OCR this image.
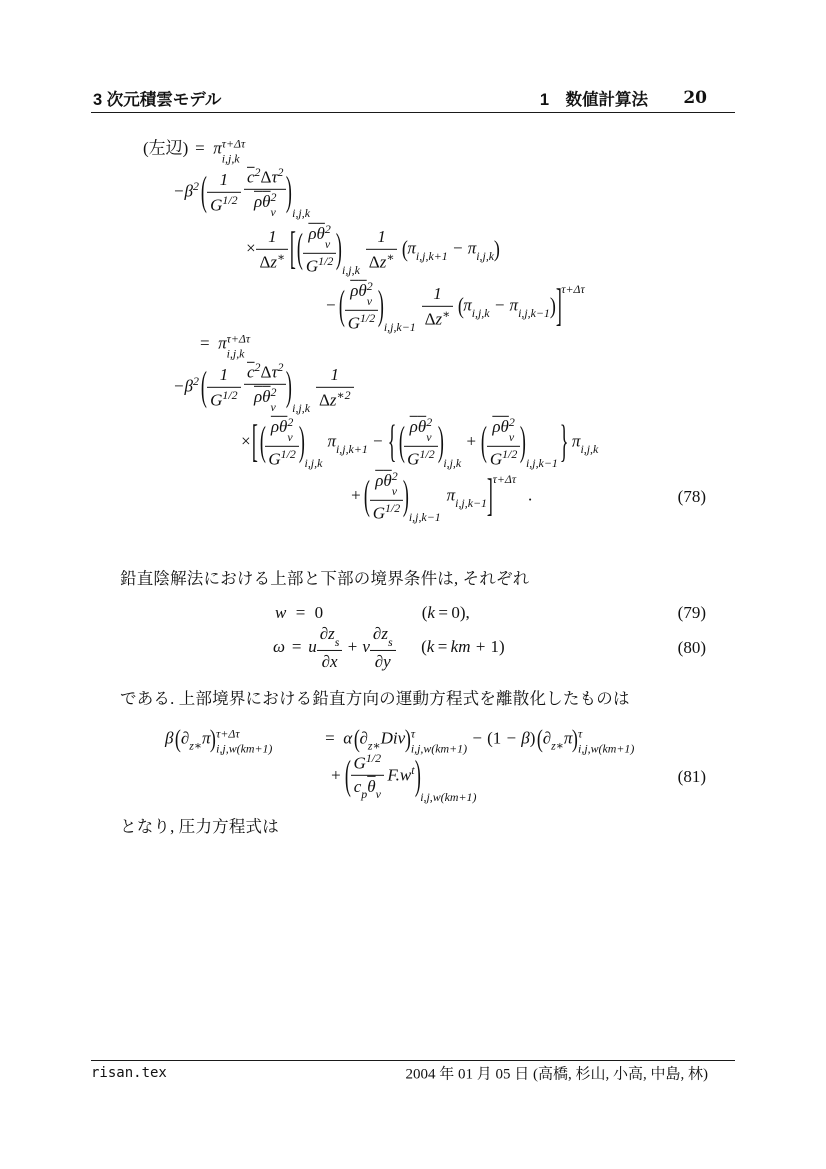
3 次元積雲モデル	1　数値計算法 20
鉛直陰解法における上部と下部の境界条件は, それぞれ
である. 上部境界における鉛直方向の運動方程式を離散化したものは
となり, 圧力方程式は
(左辺) = π τ+Δτ
i,j,k
−β 2 ( $\frac{1}{G 1/2} \overline{c}$ 2 Δτ 2
$\overline{\rho}\overline{\theta}$ 2
v ) i,j,k
× $\frac{1}{\Delta z ∗}$ [( $\overline{\rho}\overline{\theta}$ 2
v
G 1/2 ) $i,j,k \frac{1}{\Delta z ∗} (\pi$ i,j,k+1 − π i,j,k )
− ( $\overline{\rho}\overline{\theta}$ 2
v
G 1/2 ) $i,j,k-1 \frac{1}{\Delta z ∗} (\pi$ i,j,k − π i,j,k−1 )] τ+Δτ
= π τ+Δτ
i,j,k
−β 2 ( $\frac{1}{G 1/2} \overline{c}$ 2 Δτ 2
$\overline{\rho}\overline{\theta}$ 2
v ) $i,j,k \frac{1}{\Delta z ∗2}$
×[( $\overline{\rho}\overline{\theta}$ 2
v
G 1/2 ) i,j,k
π i,j,k+1 − { ( $\overline{\rho}\overline{\theta}$ 2
v
G 1/2 ) i,j,k
+ ( $\overline{\rho}\overline{\theta}$ 2
v
G 1/2 ) i,j,k−1 } π i,j,k
+ ( $\overline{\rho}\overline{\theta}$ 2
v
G 1/2 ) i,j,k−1
π i,j,k−1 ] τ+Δτ
.
w = 0	(k = 0),
ω = u $\frac{\text{∂z s}}{\partial x} + v \frac{\text{∂z s}}{\partial y} (k$ = km + 1)
β(∂ z∗ π) τ+Δτ
i,j,w(km+1)
= α(∂ z∗ Div) τ
i,j,w(km+1)
− (1 − β)(∂ z∗ π) τ
i,j,w(km+1)
+ ( $\frac{G 1/2}{c p \overline{\theta} v} F.w$ t ) i,j,w(km+1)
(78)
(79)
(80)
(81)
risan.tex	2004 年 01 月 05 日 (高橋, 杉山, 小高, 中島, 林)
